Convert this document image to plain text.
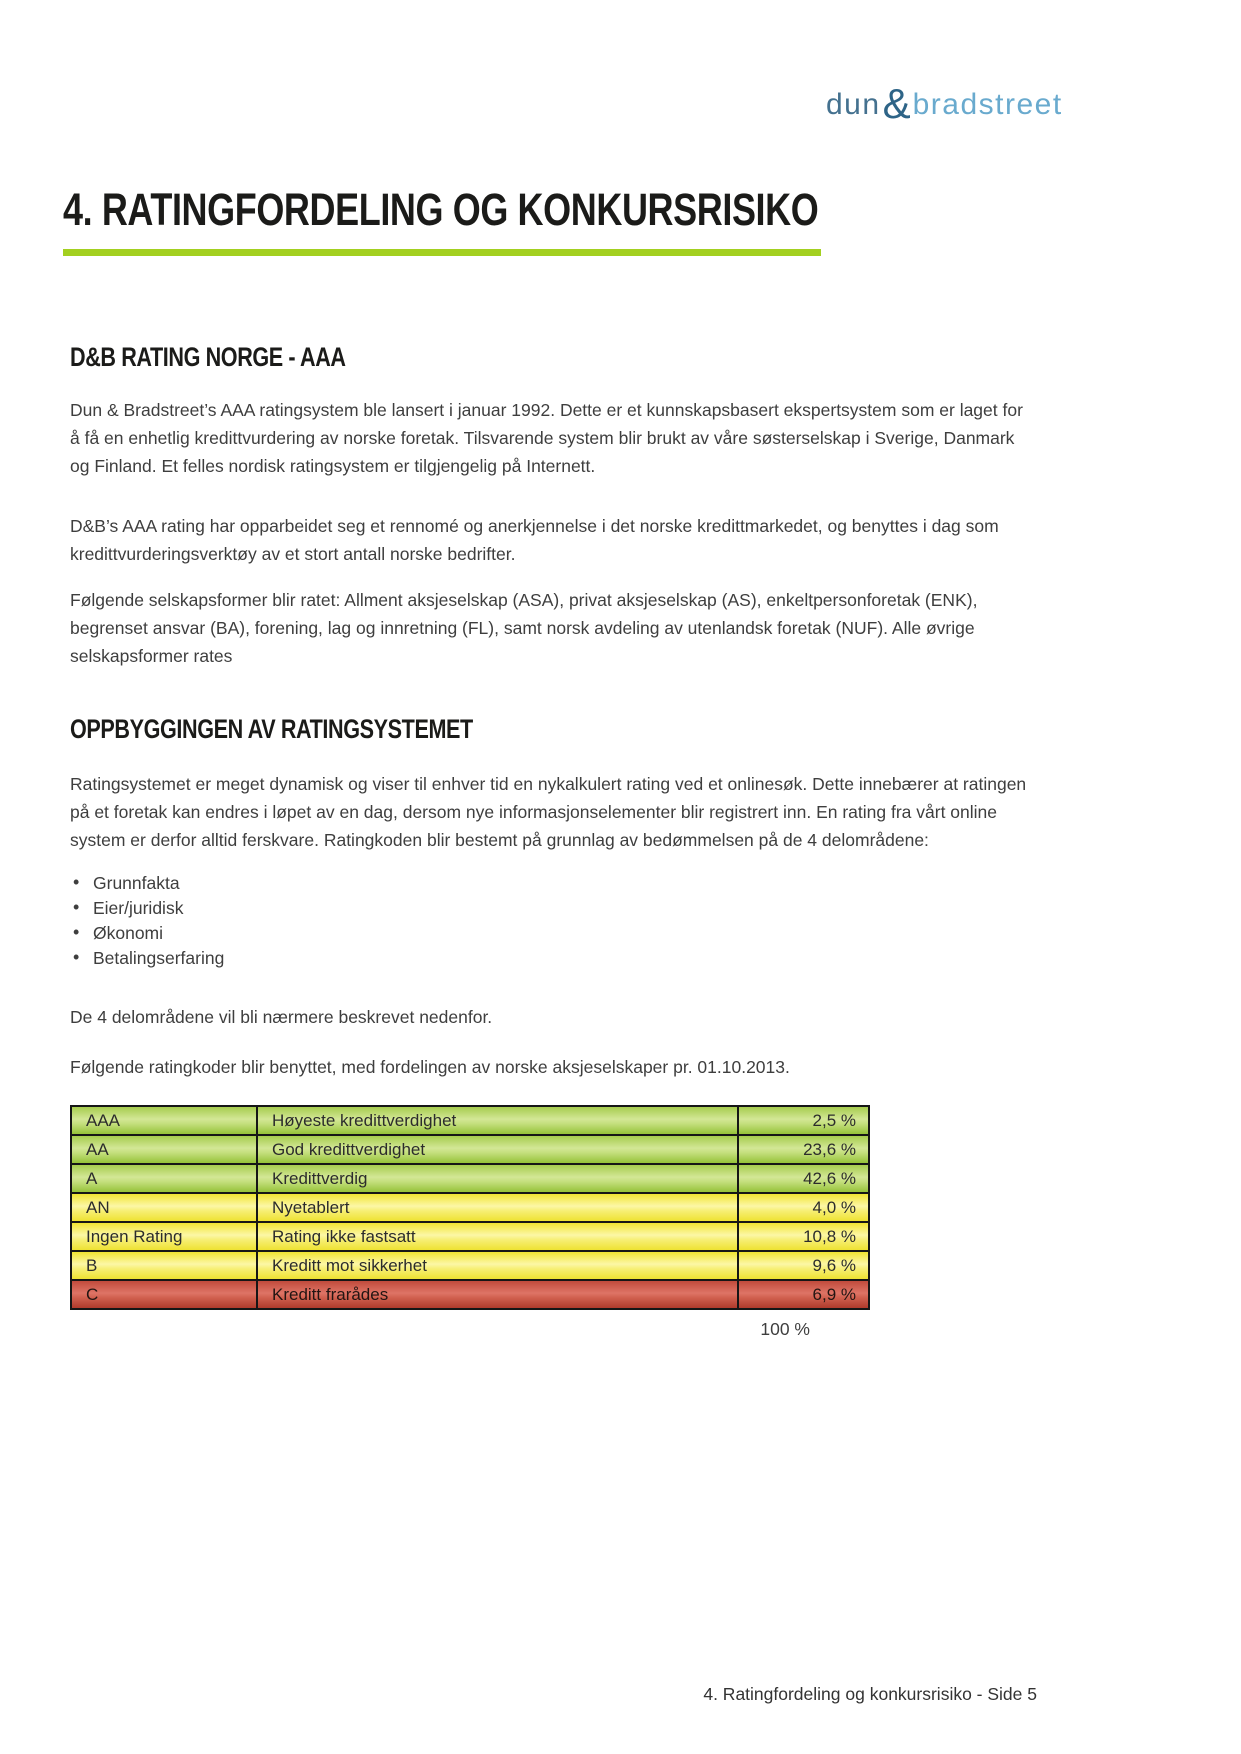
dun&bradstreet
4. RATINGFORDELING OG KONKURSRISIKO
D&B RATING NORGE - AAA

Dun & Bradstreet’s AAA ratingsystem ble lansert i januar 1992. Dette er et kunnskapsbasert ekspertsystem som er laget for å få en enhetlig kredittvurdering av norske foretak. Tilsvarende system blir brukt av våre søsterselskap i Sverige, Danmark og Finland. Et felles nordisk ratingsystem er tilgjengelig på Internett.

D&B’s AAA rating har opparbeidet seg et rennomé og anerkjennelse i det norske kredittmarkedet, og benyttes i dag som kredittvurderingsverktøy av et stort antall norske bedrifter.

Følgende selskapsformer blir ratet: Allment aksjeselskap (ASA), privat aksjeselskap (AS), enkeltpersonforetak (ENK), begrenset ansvar (BA), forening, lag og innretning (FL), samt norsk avdeling av utenlandsk foretak (NUF). Alle øvrige selskapsformer rates

OPPBYGGINGEN AV RATINGSYSTEMET

Ratingsystemet er meget dynamisk og viser til enhver tid en nykalkulert rating ved et onlinesøk. Dette innebærer at ratingen på et foretak kan endres i løpet av en dag, dersom nye informasjonselementer blir registrert inn. En rating fra vårt online system er derfor alltid ferskvare. Ratingkoden blir bestemt på grunnlag av bedømmelsen på de 4 delområdene:

• Grunnfakta
• Eier/juridisk
• Økonomi
• Betalingserfaring

De 4 delområdene vil bli nærmere beskrevet nedenfor.

Følgende ratingkoder blir benyttet, med fordelingen av norske aksjeselskaper pr. 01.10.2013.

AAA	Høyeste kredittverdighet	2,5 %
AA	God kredittverdighet	23,6 %
A	Kredittverdig	42,6 %
AN	Nyetablert	4,0 %
Ingen Rating	Rating ikke fastsatt	10,8 %
B	Kreditt mot sikkerhet	9,6 %
C	Kreditt frarådes	6,9 %
100 %
4. Ratingfordeling og konkursrisiko - Side 5
